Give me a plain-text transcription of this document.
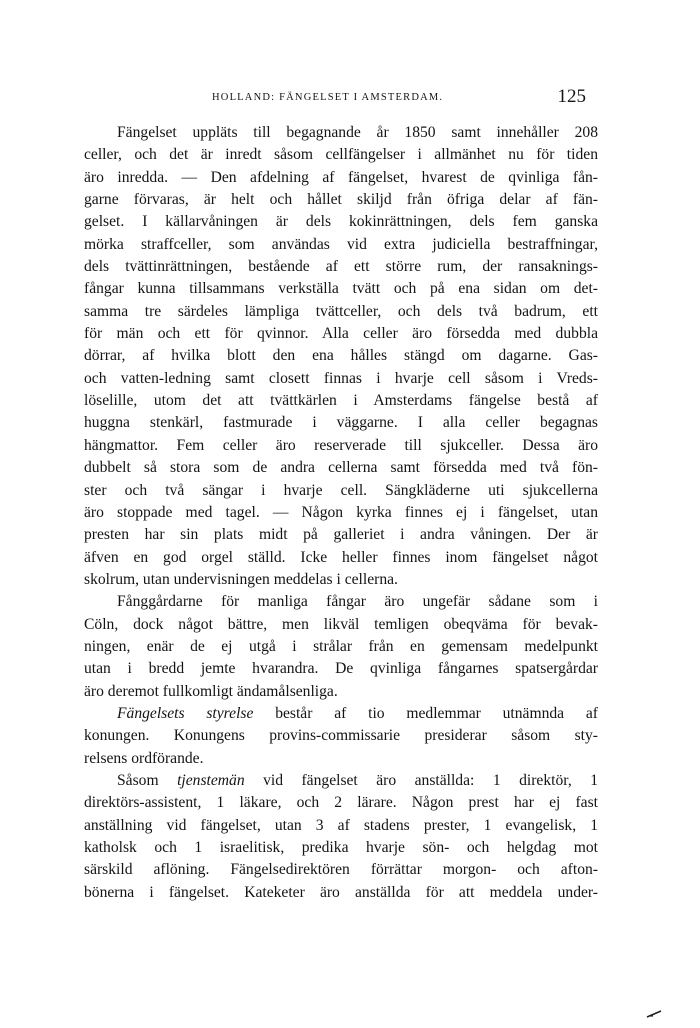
HOLLAND: FÄNGELSET I AMSTERDAM.	125
Fängelset uppläts till begagnande år 1850 samt innehåller 208
celler, och det är inredt såsom cellfängelser i allmänhet nu för tiden
äro inredda. — Den afdelning af fängelset, hvarest de qvinliga fån-
garne förvaras, är helt och hållet skiljd från öfriga delar af fän-
gelset. I källarvåningen är dels kokinrättningen, dels fem ganska
mörka straffceller, som användas vid extra judiciella bestraffningar,
dels tvättinrättningen, bestående af ett större rum, der ransaknings-
fångar kunna tillsammans verkställa tvätt och på ena sidan om det-
samma tre särdeles lämpliga tvättceller, och dels två badrum, ett
för män och ett för qvinnor. Alla celler äro försedda med dubbla
dörrar, af hvilka blott den ena hålles stängd om dagarne. Gas-
och vatten-ledning samt closett finnas i hvarje cell såsom i Vreds-
löselille, utom det att tvättkärlen i Amsterdams fängelse bestå af
huggna stenkärl, fastmurade i väggarne. I alla celler begagnas
hängmattor. Fem celler äro reserverade till sjukceller. Dessa äro
dubbelt så stora som de andra cellerna samt försedda med två fön-
ster och två sängar i hvarje cell. Sängkläderne uti sjukcellerna
äro stoppade med tagel. — Någon kyrka finnes ej i fängelset, utan
presten har sin plats midt på galleriet i andra våningen. Der är
äfven en god orgel ställd. Icke heller finnes inom fängelset något
skolrum, utan undervisningen meddelas i cellerna.
Fånggårdarne för manliga fångar äro ungefär sådane som i
Cöln, dock något bättre, men likväl temligen obeqväma för bevak-
ningen, enär de ej utgå i strålar från en gemensam medelpunkt
utan i bredd jemte hvarandra. De qvinliga fångarnes spatsergårdar
äro deremot fullkomligt ändamålsenliga.
Fängelsets styrelse består af tio medlemmar utnämnda af
konungen. Konungens provins-commissarie presiderar såsom sty-
relsens ordförande.
Såsom tjenstemän vid fängelset äro anställda: 1 direktör, 1
direktörs-assistent, 1 läkare, och 2 lärare. Någon prest har ej fast
anställning vid fängelset, utan 3 af stadens prester, 1 evangelisk, 1
katholsk och 1 israelitisk, predika hvarje sön- och helgdag mot
särskild aflöning. Fängelsedirektören förrättar morgon- och afton-
bönerna i fängelset. Kateketer äro anställda för att meddela under-
